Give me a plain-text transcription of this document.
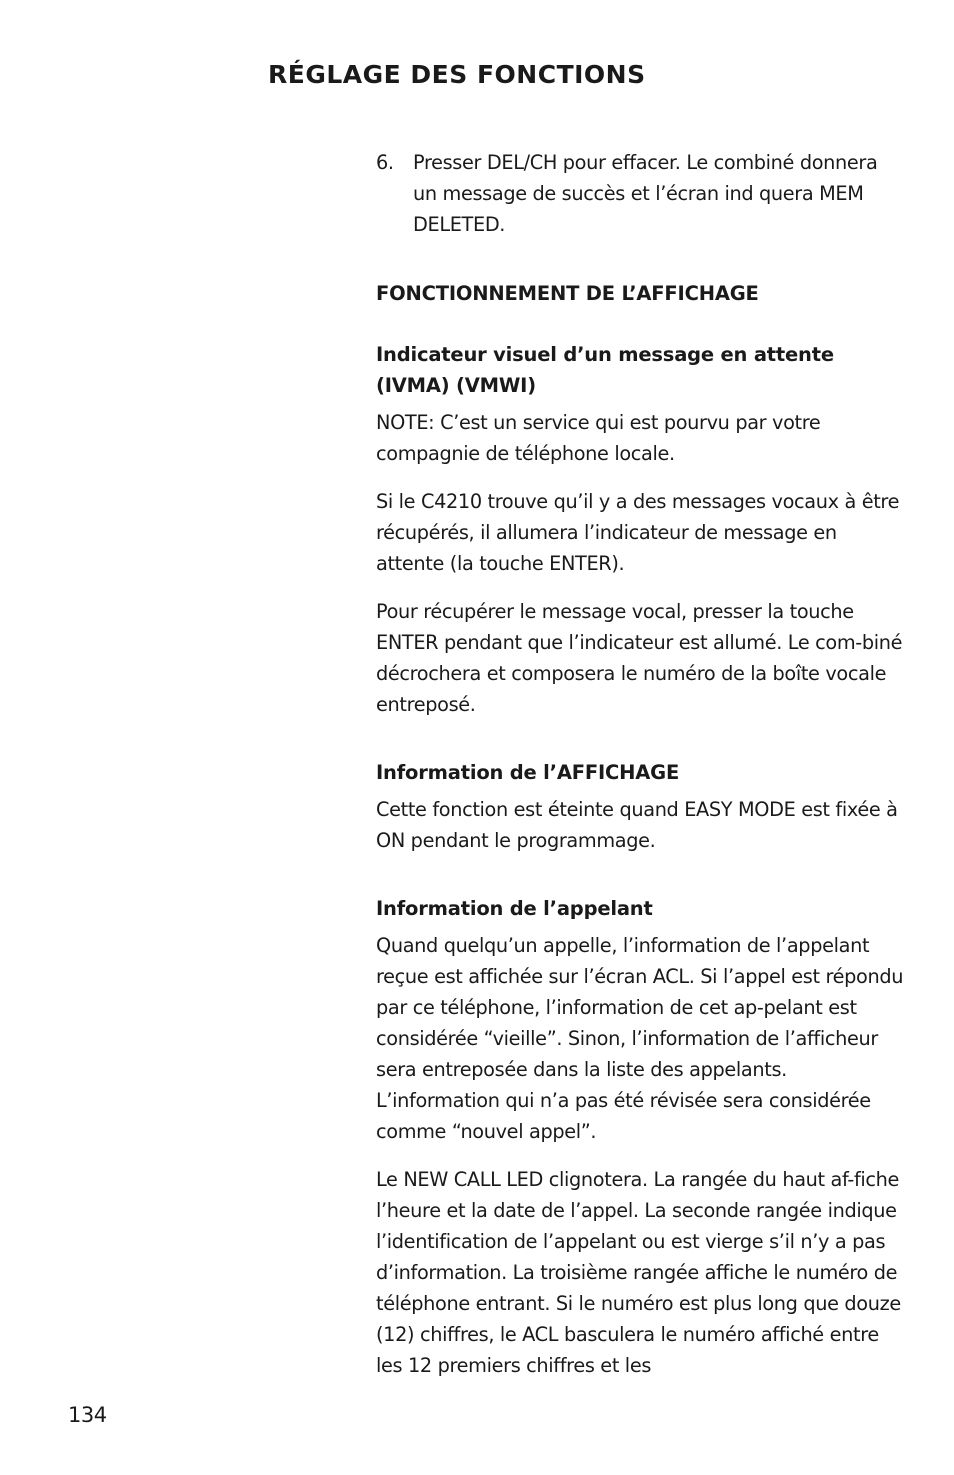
RÉGLAGE DES FONCTIONS
6. Presser DEL/CH pour effacer. Le combiné donnera un message de succès et l’écran ind quera MEM DELETED.
FONCTIONNEMENT DE L’AFFICHAGE
Indicateur visuel d’un message en attente (IVMA) (VMWI)

NOTE: C’est un service qui est pourvu par votre compagnie de téléphone locale.

Si le C4210 trouve qu’il y a des messages vocaux à être récupérés, il allumera l’indicateur de message en attente (la touche ENTER).

Pour récupérer le message vocal, presser la touche ENTER pendant que l’indicateur est allumé. Le com-biné décrochera et composera le numéro de la boîte vocale entreposé.

Information de l’AFFICHAGE

Cette fonction est éteinte quand EASY MODE est fixée à ON pendant le programmage.

Information de l’appelant

Quand quelqu’un appelle, l’information de l’appelant reçue est affichée sur l’écran ACL. Si l’appel est répondu par ce téléphone, l’information de cet ap-pelant est considérée “vieille”. Sinon, l’information de l’afficheur sera entreposée dans la liste des appelants. L’information qui n’a pas été révisée sera considérée comme “nouvel appel”.

Le NEW CALL LED clignotera. La rangée du haut af-fiche l’heure et la date de l’appel. La seconde rangée indique l’identification de l’appelant ou est vierge s’il n’y a pas d’information. La troisième rangée affiche le numéro de téléphone entrant. Si le numéro est plus long que douze (12) chiffres, le ACL basculera le numéro affiché entre les 12 premiers chiffres et les

134
